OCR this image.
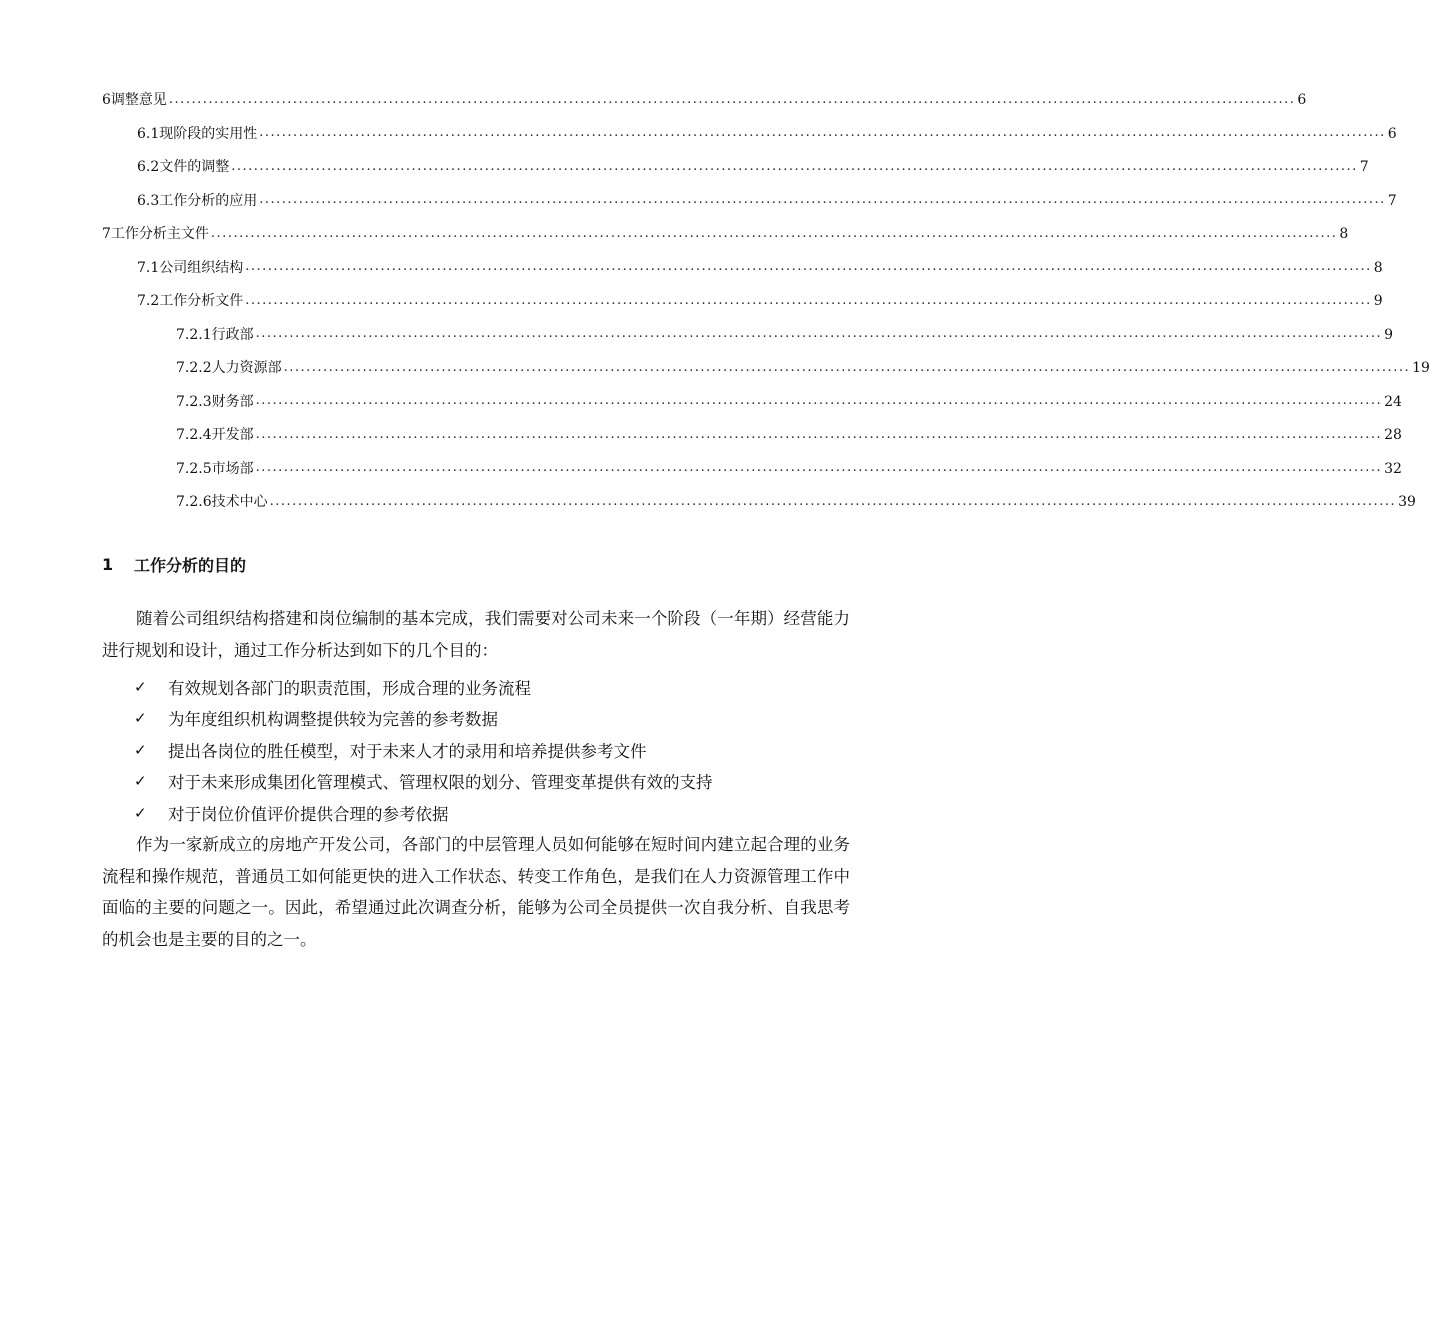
6 调整意见 ........................................................................................................................................................................................................ 6
6.1 现阶段的实用性 ........................................................................................................................................................................................................ 6
6.2 文件的调整 ........................................................................................................................................................................................................ 7
6.3 工作分析的应用 ........................................................................................................................................................................................................ 7
7 工作分析主文件 ........................................................................................................................................................................................................ 8
7.1 公司组织结构 ........................................................................................................................................................................................................ 8
7.2 工作分析文件 ........................................................................................................................................................................................................ 9
7.2.1 行政部 ........................................................................................................................................................................................................ 9
7.2.2 人力资源部 ........................................................................................................................................................................................................ 19
7.2.3 财务部 ........................................................................................................................................................................................................ 24
7.2.4 开发部 ........................................................................................................................................................................................................ 28
7.2.5 市场部 ........................................................................................................................................................................................................ 32
7.2.6 技术中心 ........................................................................................................................................................................................................ 39
1	工作分析的目的

随着公司组织结构搭建和岗位编制的基本完成，我们需要对公司未来一个阶段（一年期）经营能力进行规划和设计，通过工作分析达到如下的几个目的：

✓	有效规划各部门的职责范围，形成合理的业务流程
✓	为年度组织机构调整提供较为完善的参考数据
✓	提出各岗位的胜任模型，对于未来人才的录用和培养提供参考文件
✓	对于未来形成集团化管理模式、管理权限的划分、管理变革提供有效的支持
✓	对于岗位价值评价提供合理的参考依据

作为一家新成立的房地产开发公司，各部门的中层管理人员如何能够在短时间内建立起合理的业务流程和操作规范，普通员工如何能更快的进入工作状态、转变工作角色，是我们在人力资源管理工作中面临的主要的问题之一。因此，希望通过此次调查分析，能够为公司全员提供一次自我分析、自我思考的机会也是主要的目的之一。
